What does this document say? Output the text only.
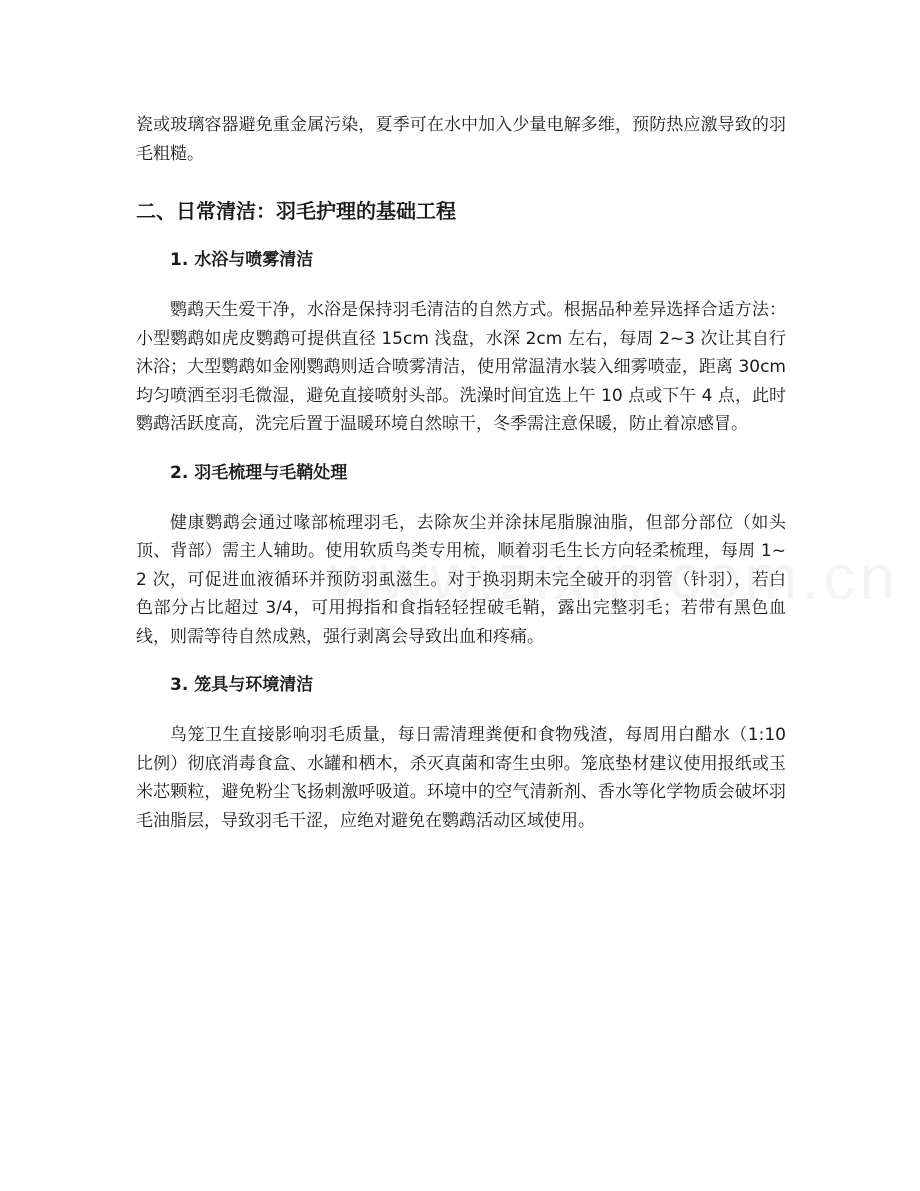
瓷或玻璃容器避免重金属污染，夏季可在水中加入少量电解多维，预防热应激导致的羽毛粗糙。

二、日常清洁：羽毛护理的基础工程
1. 水浴与喷雾清洁

鹦鹉天生爱干净，水浴是保持羽毛清洁的自然方式。根据品种差异选择合适方法：小型鹦鹉如虎皮鹦鹉可提供直径 15cm 浅盘，水深 2cm 左右，每周 2~3 次让其自行沐浴；大型鹦鹉如金刚鹦鹉则适合喷雾清洁，使用常温清水装入细雾喷壶，距离 30cm 均匀喷洒至羽毛微湿，避免直接喷射头部。洗澡时间宜选上午 10 点或下午 4 点，此时鹦鹉活跃度高，洗完后置于温暖环境自然晾干，冬季需注意保暖，防止着凉感冒。

2. 羽毛梳理与毛鞘处理

健康鹦鹉会通过喙部梳理羽毛，去除灰尘并涂抹尾脂腺油脂，但部分部位（如头顶、背部）需主人辅助。使用软质鸟类专用梳，顺着羽毛生长方向轻柔梳理，每周 1~2 次，可促进血液循环并预防羽虱滋生。对于换羽期未完全破开的羽管（针羽），若白色部分占比超过 3/4，可用拇指和食指轻轻捏破毛鞘，露出完整羽毛；若带有黑色血线，则需等待自然成熟，强行剥离会导致出血和疼痛。

3. 笼具与环境清洁

鸟笼卫生直接影响羽毛质量，每日需清理粪便和食物残渣，每周用白醋水（1:10 比例）彻底消毒食盒、水罐和栖木，杀灭真菌和寄生虫卵。笼底垫材建议使用报纸或玉米芯颗粒，避免粉尘飞扬刺激呼吸道。环境中的空气清新剂、香水等化学物质会破坏羽毛油脂层，导致羽毛干涩，应绝对避免在鹦鹉活动区域使用。
